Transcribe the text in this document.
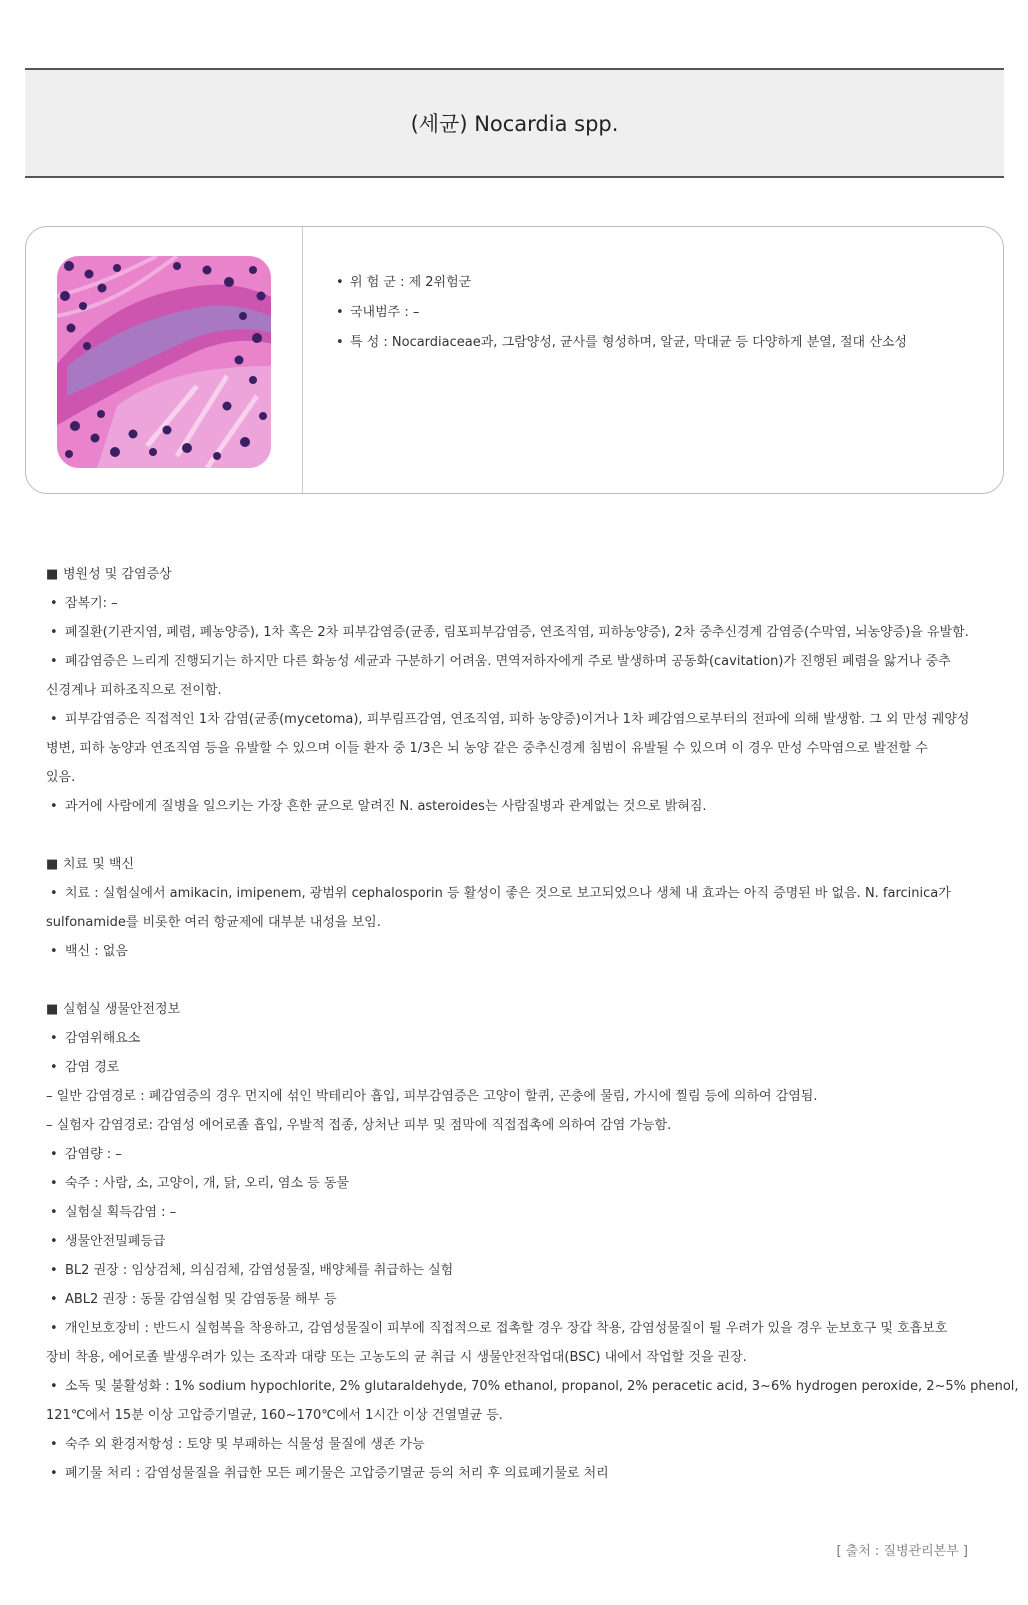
(세균) Nocardia spp.
• 위 험 군 : 제 2위험군
• 국내범주 : –
• 특 성 : Nocardiaceae과, 그람양성, 균사를 형성하며, 알균, 막대균 등 다양하게 분열, 절대 산소성
■ 병원성 및 감염증상
• 잠복기: –
• 폐질환(기관지염, 폐렴, 폐농양증), 1차 혹은 2차 피부감염증(균종, 림포피부감염증, 연조직염, 피하농양증), 2차 중추신경계 감염증(수막염, 뇌농양증)을 유발함.
• 폐감염증은 느리게 진행되기는 하지만 다른 화농성 세균과 구분하기 어려움. 면역저하자에게 주로 발생하며 공동화(cavitation)가 진행된 폐렴을 앓거나 중추
신경계나 피하조직으로 전이함.
• 피부감염증은 직접적인 1차 감염(균종(mycetoma), 피부림프감염, 연조직염, 피하 농양증)이거나 1차 폐감염으로부터의 전파에 의해 발생함. 그 외 만성 궤양성
병변, 피하 농양과 연조직염 등을 유발할 수 있으며 이들 환자 중 1/3은 뇌 농양 같은 중추신경계 침범이 유발될 수 있으며 이 경우 만성 수막염으로 발전할 수
있음.
• 과거에 사람에게 질병을 일으키는 가장 흔한 균으로 알려진 N. asteroides는 사람질병과 관계없는 것으로 밝혀짐.
■ 치료 및 백신
• 치료 : 실험실에서 amikacin, imipenem, 광범위 cephalosporin 등 활성이 좋은 것으로 보고되었으나 생체 내 효과는 아직 증명된 바 없음. N. farcinica가
sulfonamide를 비롯한 여러 항균제에 대부분 내성을 보임.
• 백신 : 없음
■ 실험실 생물안전정보
• 감염위해요소
• 감염 경로
– 일반 감염경로 : 폐감염증의 경우 먼지에 섞인 박테리아 흡입, 피부감염증은 고양이 할퀴, 곤충에 물림, 가시에 찔림 등에 의하여 감염됨.
– 실험자 감염경로: 감염성 에어로졸 흡입, 우발적 접종, 상처난 피부 및 점막에 직접접촉에 의하여 감염 가능함.
• 감염량 : –
• 숙주 : 사람, 소, 고양이, 개, 닭, 오리, 염소 등 동물
• 실험실 획득감염 : –
• 생물안전밀폐등급
• BL2 권장 : 임상검체, 의심검체, 감염성물질, 배양체를 취급하는 실험
• ABL2 권장 : 동물 감염실험 및 감염동물 해부 등
• 개인보호장비 : 반드시 실험복을 착용하고, 감염성물질이 피부에 직접적으로 접촉할 경우 장갑 착용, 감염성물질이 튈 우려가 있을 경우 눈보호구 및 호흡보호
장비 착용, 에어로졸 발생우려가 있는 조작과 대량 또는 고농도의 균 취급 시 생물안전작업대(BSC) 내에서 작업할 것을 권장.
• 소독 및 불활성화 : 1% sodium hypochlorite, 2% glutaraldehyde, 70% ethanol, propanol, 2% peracetic acid, 3~6% hydrogen peroxide, 2~5% phenol,
121℃에서 15분 이상 고압증기멸균, 160~170℃에서 1시간 이상 건열멸균 등.
• 숙주 외 환경저항성 : 토양 및 부패하는 식물성 물질에 생존 가능
• 폐기물 처리 : 감염성물질을 취급한 모든 폐기물은 고압증기멸균 등의 처리 후 의료폐기물로 처리
[ 출처 : 질병관리본부 ]
